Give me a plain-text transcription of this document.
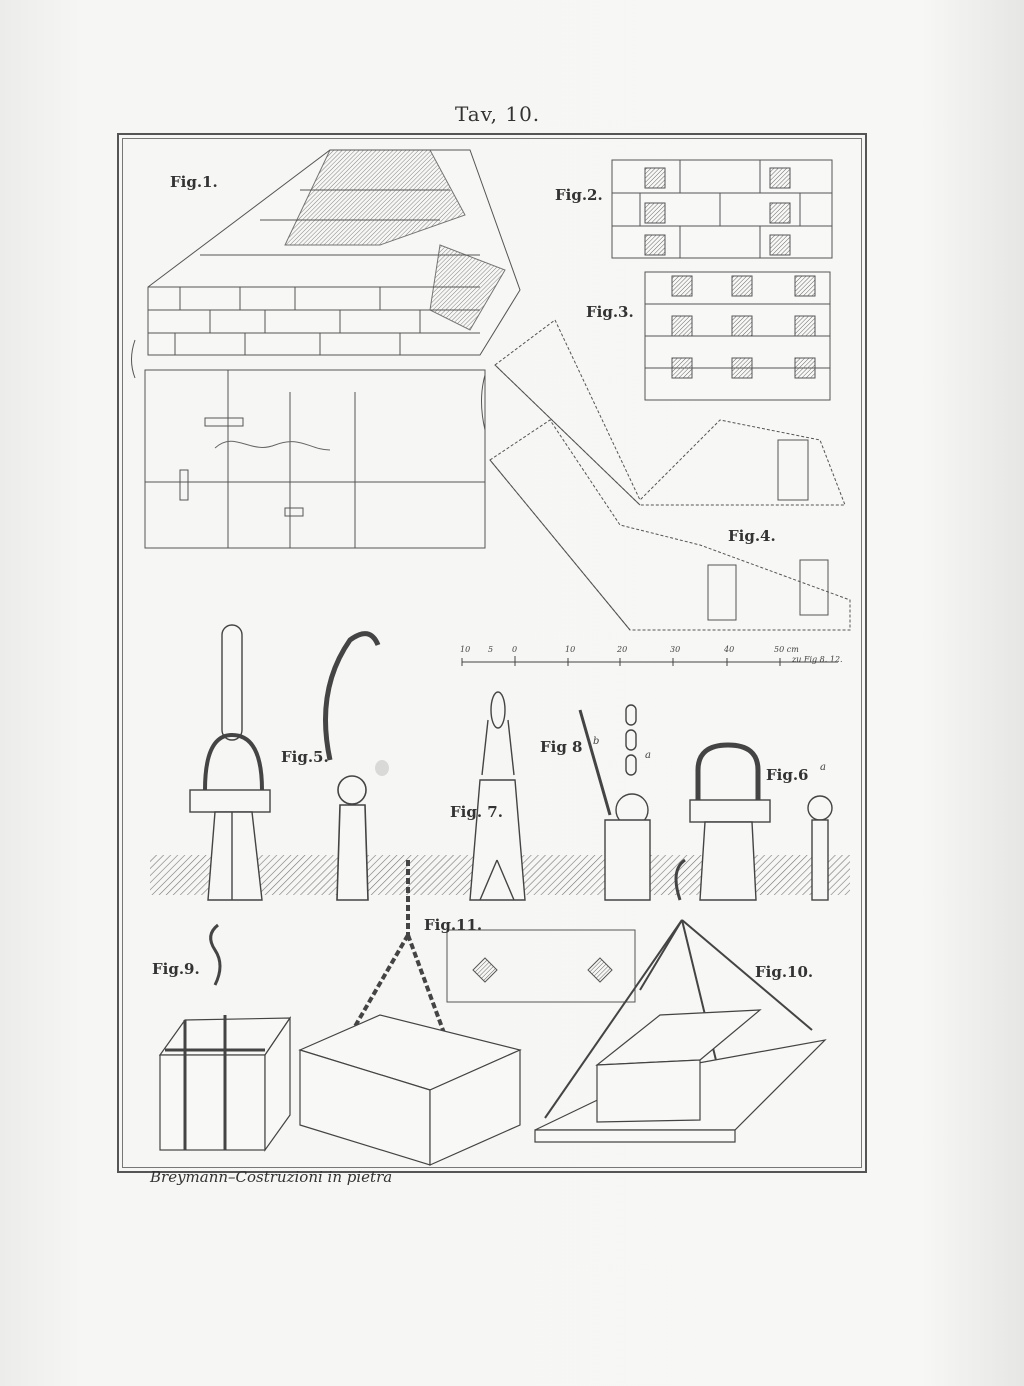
Tav, 10.
Fig.1.
Fig.2.
Fig.3.
Fig.4.
Fig.5.
Fig.6
Fig. 7.
Fig 8
Fig.9.	Fig.10.
Fig.11.
10 5 0	10	20	30	40	50 cm
zu Fig 8. 12.
b
a
a
Breymann–Costruzioni in pietra
